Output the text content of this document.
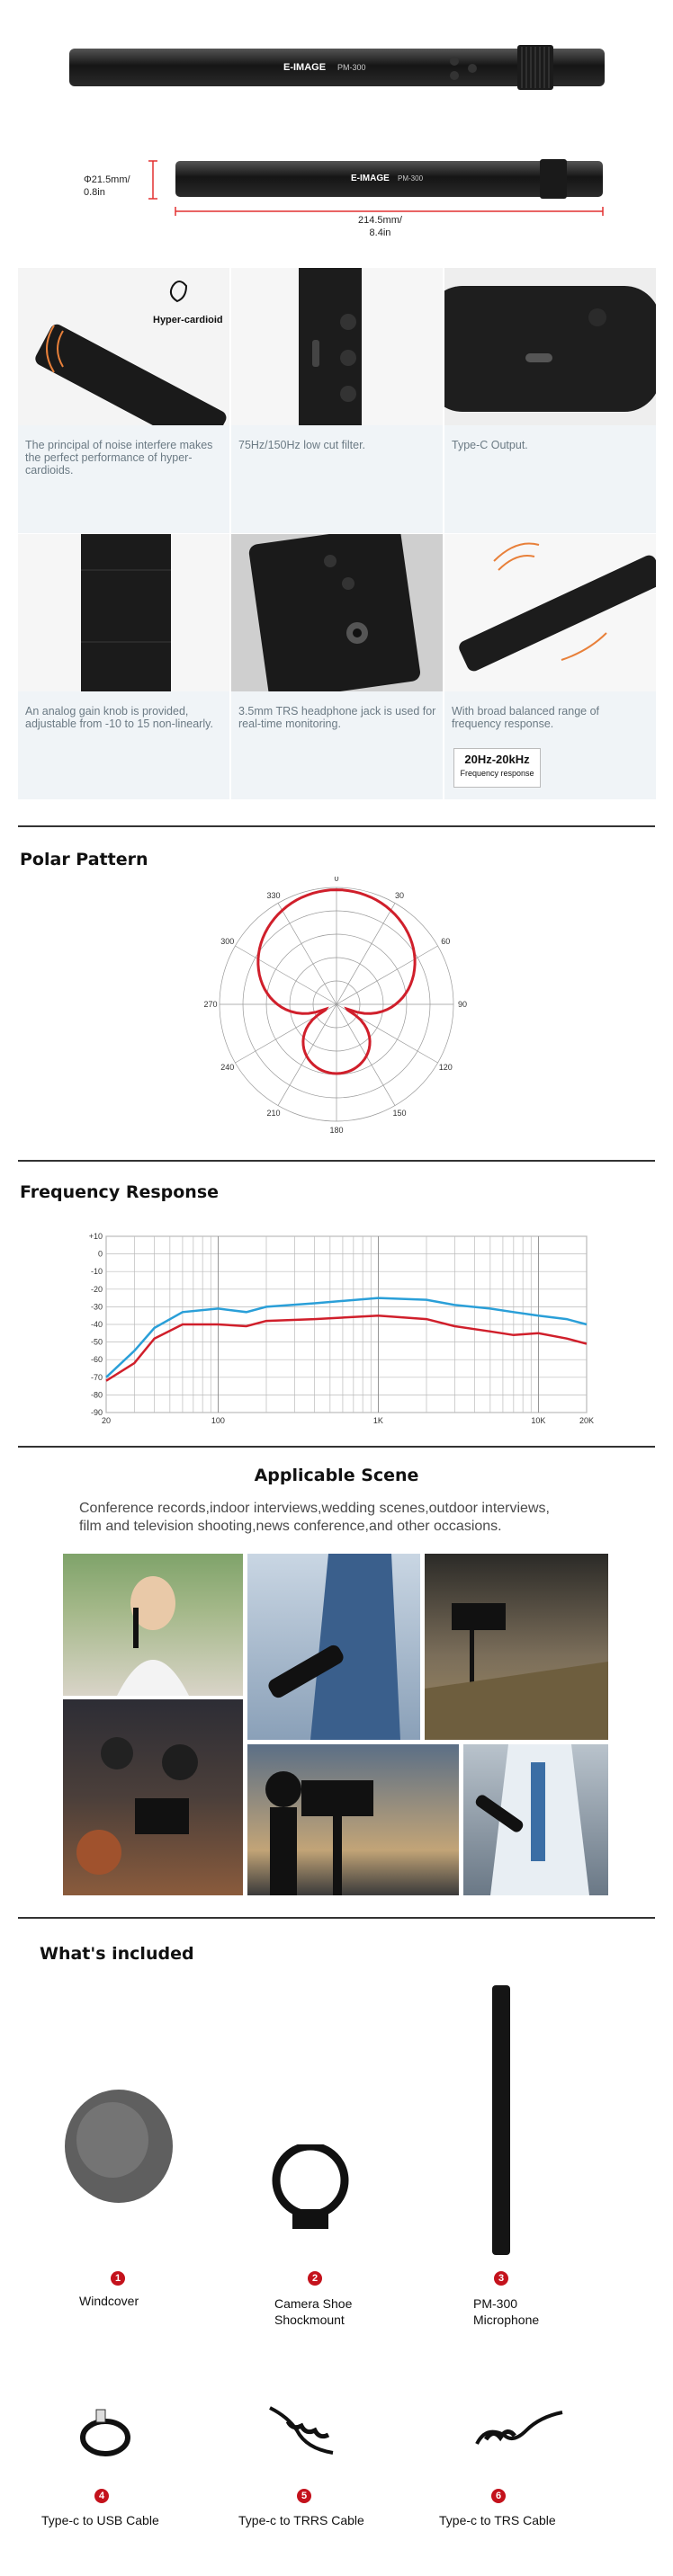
E-IMAGE PM-300
E-IMAGE PM-300
Φ21.5mm/
0.8in
214.5mm/
8.4in
Hyper-cardioid
The principal of noise interfere makes the perfect performance of hyper-cardioids.
75Hz/150Hz low cut filter.	Type-C Output.
An analog gain knob is provided, adjustable from -10 to 15 non-linearly.
3.5mm TRS headphone jack is used for real-time monitoring.
With broad balanced range of frequency response.
20Hz-20kHz
Frequency response
Polar Pattern
0
30
60
90
120
150
180
210
240
270
300
330
Frequency Response
+10
0
-10
-20
-30
-40
-50
-60
-70
-80
-90
20	100	1K	10K	20K
Applicable Scene
Conference records,indoor interviews,wedding scenes,outdoor interviews,
film and television shooting,news conference,and other occasions.
What's included
1	2	3
Windcover	Camera Shoe
Shockmount
PM-300
Microphone
4	5	6
Type-c to USB Cable	Type-c to TRRS Cable	Type-c to TRS Cable
